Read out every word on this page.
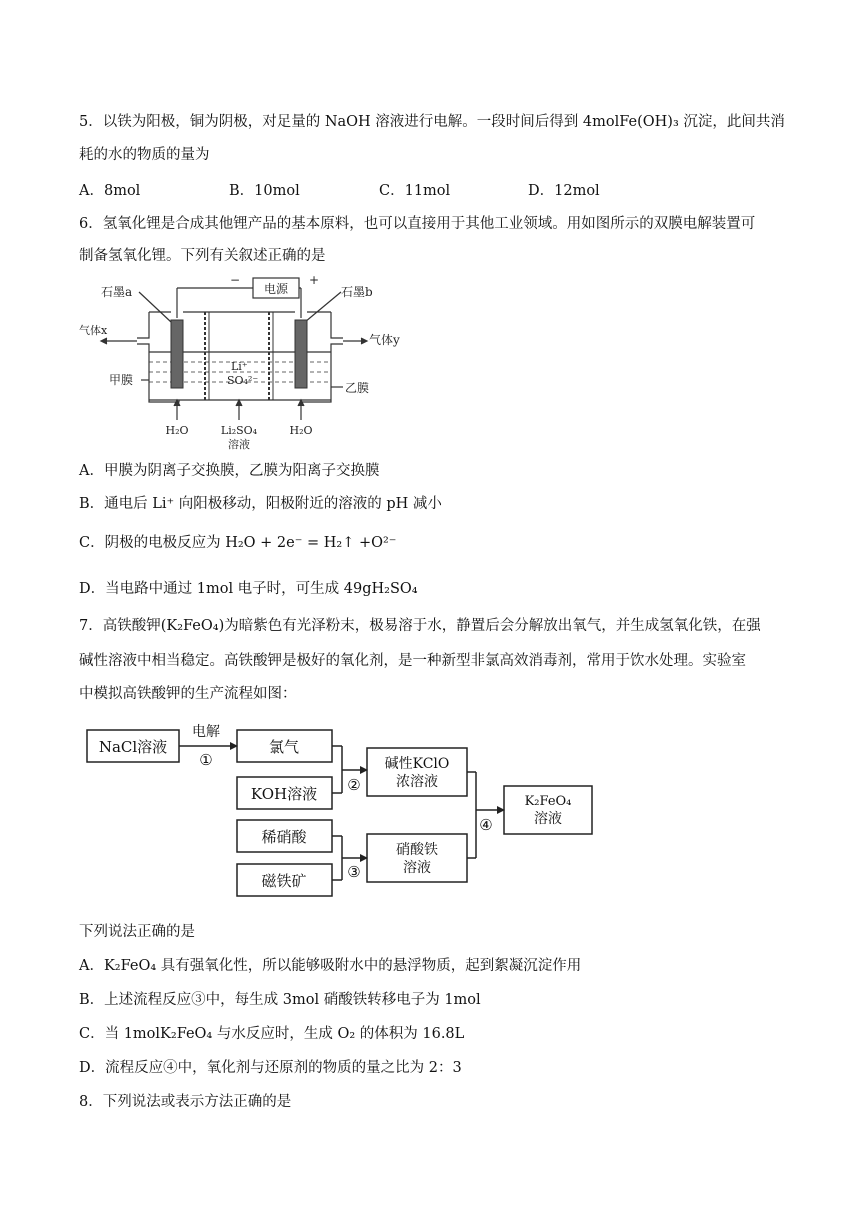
5．以铁为阳极，铜为阴极，对足量的 NaOH 溶液进行电解。一段时间后得到 4molFe(OH)₃ 沉淀，此间共消
耗的水的物质的量为
A．8mol	B．10mol	C．11mol	D．12mol
6．氢氧化锂是合成其他锂产品的基本原料，也可以直接用于其他工业领域。用如图所示的双膜电解装置可
制备氢氧化锂。下列有关叙述正确的是
电源
−	+
石墨a	石墨b
气体x
气体y
甲膜
乙膜
Li⁺
SO₄²⁻
H₂O	Li₂SO₄
溶液
H₂O
A．甲膜为阴离子交换膜，乙膜为阳离子交换膜
B．通电后 Li⁺ 向阳极移动，阳极附近的溶液的 pH 减小
C．阴极的电极反应为 H₂O + 2e⁻ = H₂↑ +O²⁻
D．当电路中通过 1mol 电子时，可生成 49gH₂SO₄
7．高铁酸钾(K₂FeO₄)为暗紫色有光泽粉末，极易溶于水，静置后会分解放出氧气，并生成氢氧化铁，在强
碱性溶液中相当稳定。高铁酸钾是极好的氧化剂，是一种新型非氯高效消毒剂，常用于饮水处理。实验室
中模拟高铁酸钾的生产流程如图：
NaCl溶液
电解
①
氯气
KOH溶液 ②
碱性KClO
浓溶液
稀硝酸
磁铁矿	③
硝酸铁
溶液
④
K₂FeO₄
溶液
下列说法正确的是
A．K₂FeO₄ 具有强氧化性，所以能够吸附水中的悬浮物质，起到絮凝沉淀作用
B．上述流程反应③中，每生成 3mol 硝酸铁转移电子为 1mol
C．当 1molK₂FeO₄ 与水反应时，生成 O₂ 的体积为 16.8L
D．流程反应④中，氧化剂与还原剂的物质的量之比为 2：3
8．下列说法或表示方法正确的是
